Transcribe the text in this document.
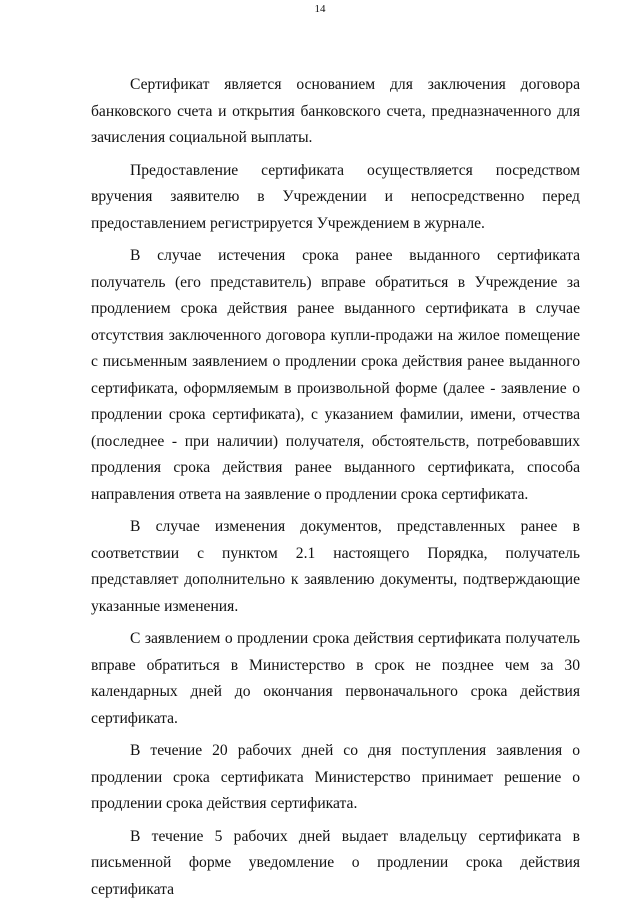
14

Сертификат является основанием для заключения договора банковского счета и открытия банковского счета, предназначенного для зачисления социальной выплаты.

Предоставление сертификата осуществляется посредством вручения заявителю в Учреждении и непосредственно перед предоставлением регистрируется Учреждением в журнале.

В случае истечения срока ранее выданного сертификата получатель (его представитель) вправе обратиться в Учреждение за продлением срока действия ранее выданного сертификата в случае отсутствия заключенного договора купли-продажи на жилое помещение с письменным заявлением о продлении срока действия ранее выданного сертификата, оформляемым в произвольной форме (далее - заявление о продлении срока сертификата), с указанием фамилии, имени, отчества (последнее - при наличии) получателя, обстоятельств, потребовавших продления срока действия ранее выданного сертификата, способа направления ответа на заявление о продлении срока сертификата.

В случае изменения документов, представленных ранее в соответствии с пунктом 2.1 настоящего Порядка, получатель представляет дополнительно к заявлению документы, подтверждающие указанные изменения.

С заявлением о продлении срока действия сертификата получатель вправе обратиться в Министерство в срок не позднее чем за 30 календарных дней до окончания первоначального срока действия сертификата.

В течение 20 рабочих дней со дня поступления заявления о продлении срока сертификата Министерство принимает решение о продлении срока действия сертификата.

В течение 5 рабочих дней выдает владельцу сертификата в письменной форме уведомление о продлении срока действия сертификата
